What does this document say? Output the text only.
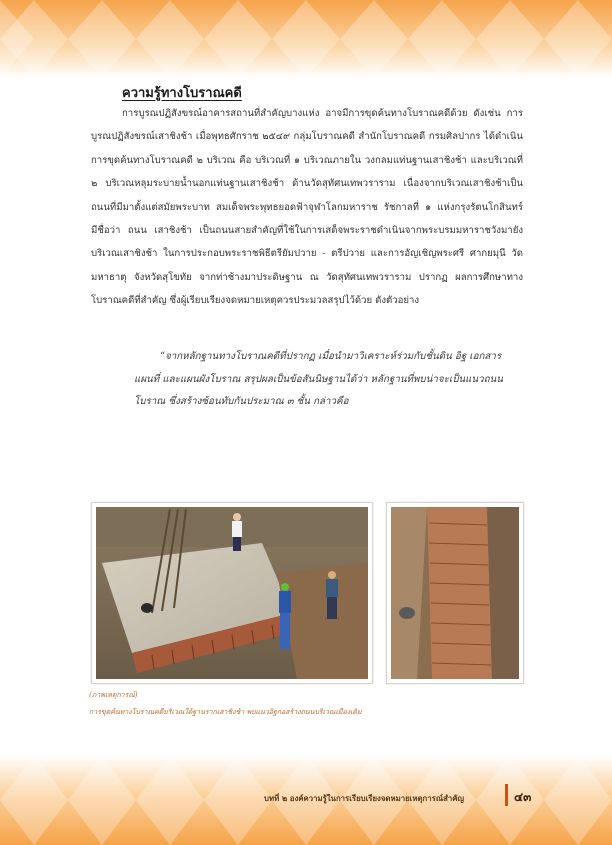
ความรู้ทางโบราณคดี

การบูรณปฏิสังขรณ์อาคารสถานที่สำคัญบางแห่ง อาจมีการขุดค้นทางโบราณคดีด้วย ดังเช่น การบูรณปฏิสังขรณ์เสาชิงช้า เมื่อพุทธศักราช ๒๕๔๙ กลุ่มโบราณคดี สำนักโบราณคดี กรมศิลปากร ได้ดำเนินการขุดค้นทางโบราณคดี ๒ บริเวณ คือ บริเวณที่ ๑ บริเวณภายใน วงกลมแท่นฐานเสาชิงช้า และบริเวณที่ ๒ บริเวณหลุมระบายน้ำนอกแท่นฐานเสาชิงช้า ด้านวัดสุทัศนเทพวราราม เนื่องจากบริเวณเสาชิงช้าเป็นถนนที่มีมาตั้งแต่สมัยพระบาท สมเด็จพระพุทธยอดฟ้าจุฬาโลกมหาราช รัชกาลที่ ๑ แห่งกรุงรัตนโกสินทร์ มีชื่อว่า ถนน เสาชิงช้า เป็นถนนสายสำคัญที่ใช้ในการเสด็จพระราชดำเนินจากพระบรมมหาราชวังมายัง บริเวณเสาชิงช้า ในการประกอบพระราชพิธีตรียัมปวาย - ตรีปวาย และการอัญเชิญพระศรี ศากยมุนี วัดมหาธาตุ จังหวัดสุโขทัย จากท่าช้างมาประดิษฐาน ณ วัดสุทัศนเทพวราราม ปรากฏ ผลการศึกษาทางโบราณคดีที่สำคัญ ซึ่งผู้เรียบเรียงจดหมายเหตุควรประมวลสรุปไว้ด้วย ดังตัวอย่าง

“จากหลักฐานทางโบราณคดีที่ปรากฏ เมื่อนำมาวิเคราะห์ร่วมกับชั้นดิน อิฐ เอกสาร แผนที่ และแผนผังโบราณ สรุปผลเป็นข้อสันนิษฐานได้ว่า หลักฐานที่พบน่าจะเป็นแนวถนนโบราณ ซึ่งสร้างซ้อนทับกันประมาณ ๓ ชั้น กล่าวคือ

(ภาพเหตุการณ์)

การขุดค้นทางโบราณคดีบริเวณใต้ฐานรากเสาชิงช้า พบแนวอิฐก่อสร้างถนนบริเวณเมืองเดิม

บทที่ ๒ องค์ความรู้ในการเรียบเรียงจดหมายเหตุการณ์สำคัญ	๔๓
